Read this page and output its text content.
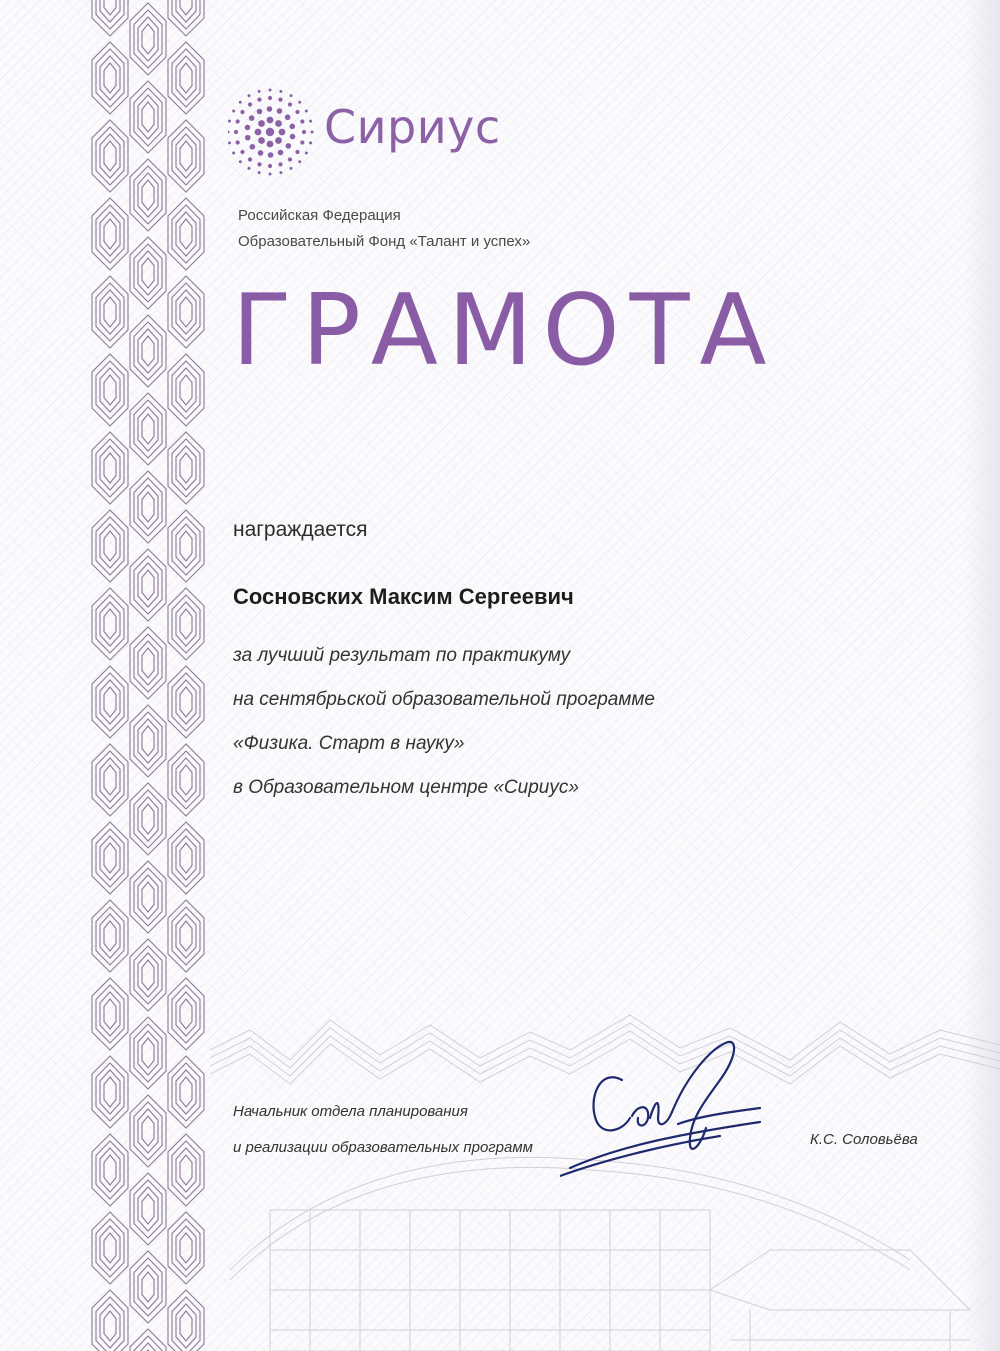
Сириус
Российская Федерация
Образовательный Фонд «Талант и успех»
ГРАМОТА
награждается
Сосновских Максим Сергеевич
за лучший результат по практикуму
на сентябрьской образовательной программе
«Физика. Старт в науку»
в Образовательном центре «Сириус»
Начальник отдела планирования
и реализации образовательных программ	К.С. Соловьёва
